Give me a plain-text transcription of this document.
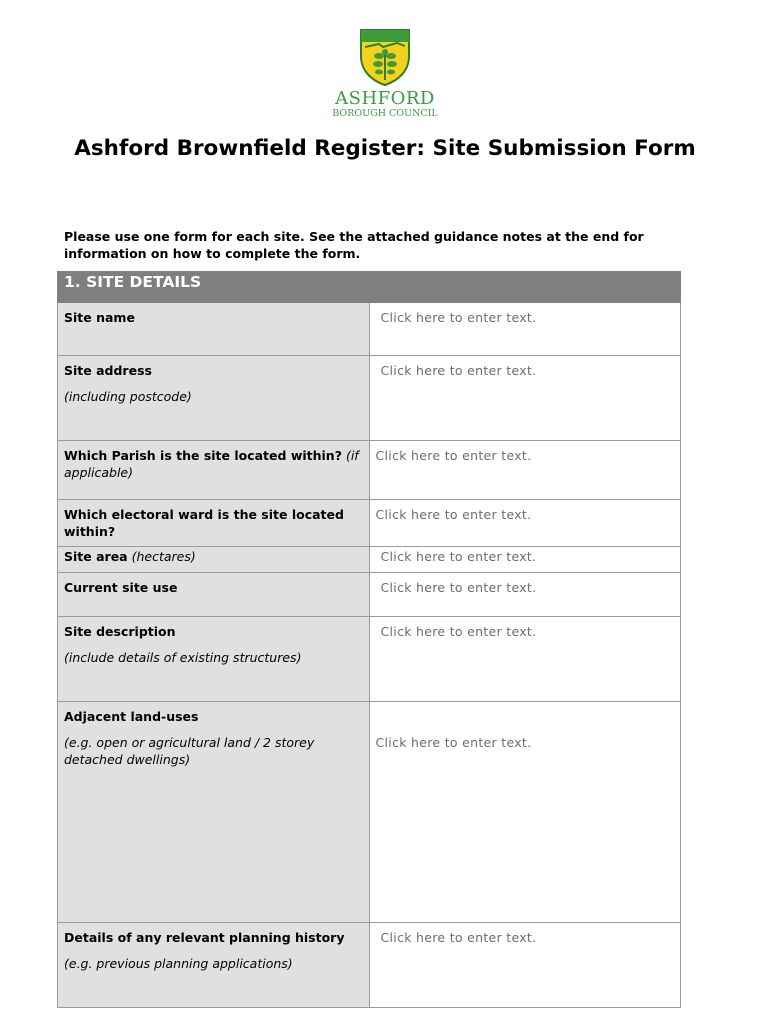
ASHFORD
BOROUGH COUNCIL
Ashford Brownfield Register: Site Submission Form
Please use one form for each site. See the attached guidance notes at the end for information on how to complete the form.
1. SITE DETAILS	
Site name	Click here to enter text.
Site address
(including postcode)	Click here to enter text.
Which Parish is the site located within? (if applicable)	Click here to enter text.
Which electoral ward is the site located within?	Click here to enter text.
Site area (hectares)	Click here to enter text.
Current site use	Click here to enter text.
Site description
(include details of existing structures)	Click here to enter text.
Adjacent land-uses
(e.g. open or agricultural land / 2 storey detached dwellings)	Click here to enter text.
Details of any relevant planning history
(e.g. previous planning applications)	Click here to enter text.
